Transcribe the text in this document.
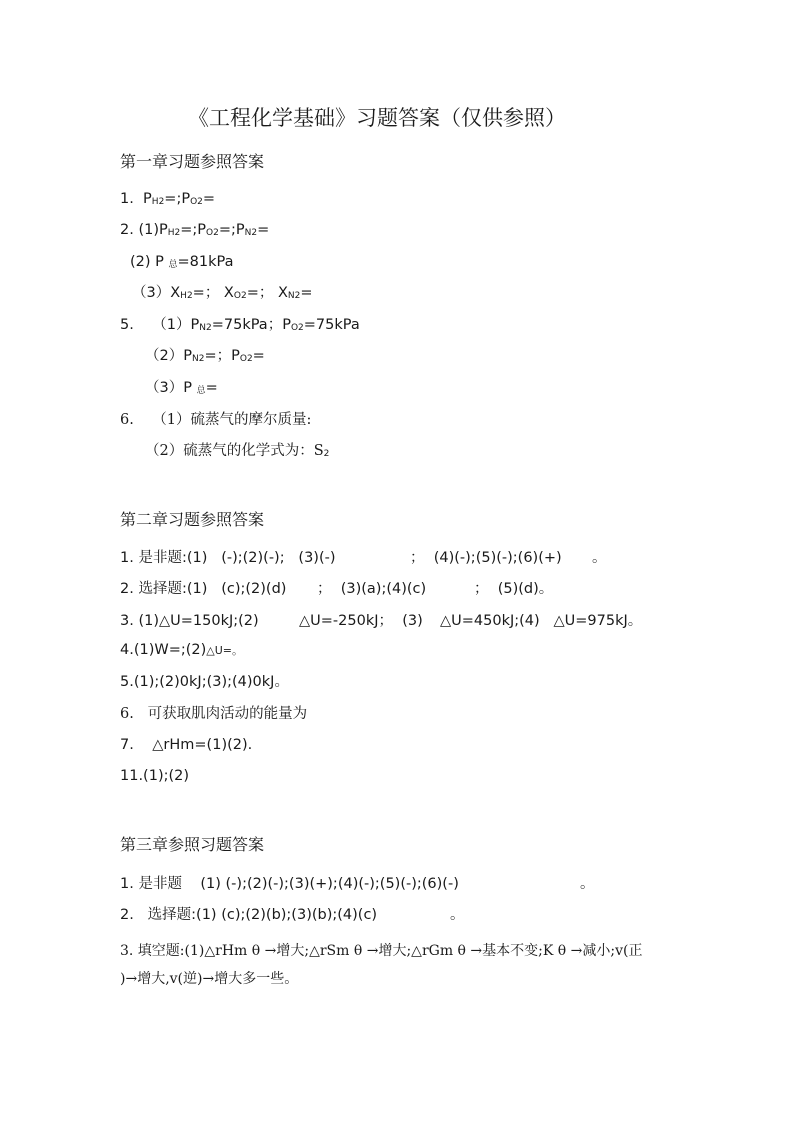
《工程化学基础》习题答案（仅供参照）
第一章习题参照答案
1.  $P_{H2}=;P_{O2}=$
2. $(1)P_{H2}=;P_{O2}=;P_{N2}=$
(2) P $_总$=81kPa
$(3)X_{H2}=$； $X_{O2}=$； $X_{N2}=$
5.    $(1)P_{N2}=75kPa$；$P_{O2}=75kPa$
$(2)P_{N2}=$；$P_{O2}=$
（3）P $_总$=
6.    （1）硫蒸气的摩尔质量:
（2）硫蒸气的化学式为：$S_2$
第二章习题参照答案
1. 是非题:(1)   (-);(2)(-);   (3)(-)	；  (4)(-);(5)(-);(6)(+) 。
2. 选择题:(1)   (c);(2)(d) ；  (3)(a);(4)(c)	；  (5)(d)。
3. (1)△U=150kJ;(2)	△U=-250kJ；  (3) △U=450kJ;(4)   △U=975kJ。
4.(1)W=;(2)△U=。
5.(1);(2)0kJ;(3);(4)0kJ。
6.   可获取肌肉活动的能量为
7.    △rHm=(1)(2).
11.(1);(2)
第三章参照习题答案
1. 是非题    (1) (-);(2)(-);(3)(+);(4)(-);(5)(-);(6)(-)	。
2.   选择题:(1) (c);(2)(b);(3)(b);(4)(c)	。
3. 填空题:(1)△rHm θ →增大;△rSm θ →增大;△rGm θ →基本不变;K θ →减小;v(正
)→增大,v(逆)→增大多一些。
